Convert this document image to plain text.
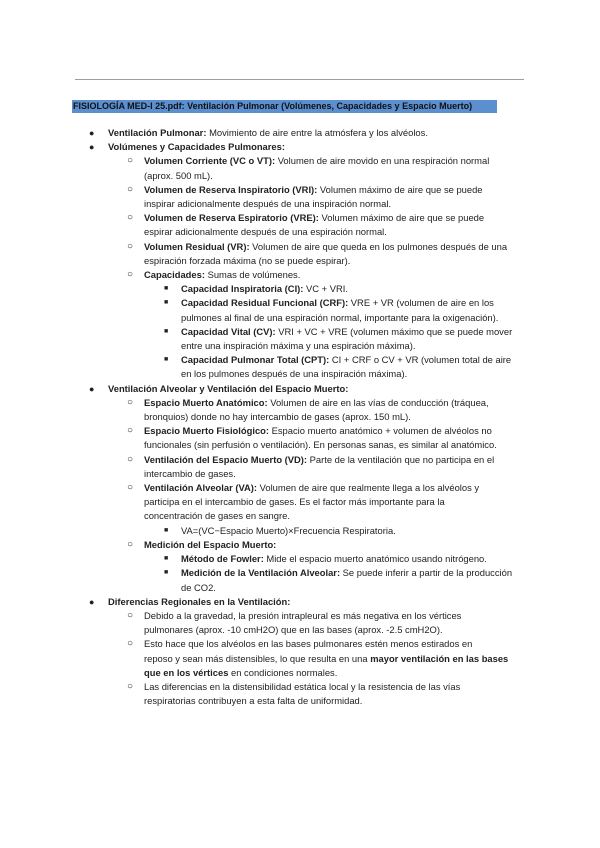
FISIOLOGÍA MED-I 25.pdf: Ventilación Pulmonar (Volúmenes, Capacidades y Espacio Muerto)
● Ventilación Pulmonar: Movimiento de aire entre la atmósfera y los alvéolos.
● Volúmenes y Capacidades Pulmonares:
○ Volumen Corriente (VC o VT): Volumen de aire movido en una respiración normal
(aprox. 500 mL).
○ Volumen de Reserva Inspiratorio (VRI): Volumen máximo de aire que se puede
inspirar adicionalmente después de una inspiración normal.
○ Volumen de Reserva Espiratorio (VRE): Volumen máximo de aire que se puede
espirar adicionalmente después de una espiración normal.
○ Volumen Residual (VR): Volumen de aire que queda en los pulmones después de una
espiración forzada máxima (no se puede espirar).
○ Capacidades: Sumas de volúmenes.
■ Capacidad Inspiratoria (CI): VC + VRI.
■ Capacidad Residual Funcional (CRF): VRE + VR (volumen de aire en los
pulmones al final de una espiración normal, importante para la oxigenación).
■ Capacidad Vital (CV): VRI + VC + VRE (volumen máximo que se puede mover
entre una inspiración máxima y una espiración máxima).
■ Capacidad Pulmonar Total (CPT): CI + CRF o CV + VR (volumen total de aire
en los pulmones después de una inspiración máxima).
● Ventilación Alveolar y Ventilación del Espacio Muerto:
○ Espacio Muerto Anatómico: Volumen de aire en las vías de conducción (tráquea,
bronquios) donde no hay intercambio de gases (aprox. 150 mL).
○ Espacio Muerto Fisiológico: Espacio muerto anatómico + volumen de alvéolos no
funcionales (sin perfusión o ventilación). En personas sanas, es similar al anatómico.
○ Ventilación del Espacio Muerto (VD): Parte de la ventilación que no participa en el
intercambio de gases.
○ Ventilación Alveolar (VA): Volumen de aire que realmente llega a los alvéolos y
participa en el intercambio de gases. Es el factor más importante para la
concentración de gases en sangre.
■ VA=(VC−Espacio Muerto)×Frecuencia Respiratoria.
○ Medición del Espacio Muerto:
■ Método de Fowler: Mide el espacio muerto anatómico usando nitrógeno.
■ Medición de la Ventilación Alveolar: Se puede inferir a partir de la producción
de CO2.
● Diferencias Regionales en la Ventilación:
○ Debido a la gravedad, la presión intrapleural es más negativa en los vértices
pulmonares (aprox. -10 cmH2O) que en las bases (aprox. -2.5 cmH2O).
○ Esto hace que los alvéolos en las bases pulmonares estén menos estirados en
reposo y sean más distensibles, lo que resulta en una mayor ventilación en las bases
que en los vértices en condiciones normales.
○ Las diferencias en la distensibilidad estática local y la resistencia de las vías
respiratorias contribuyen a esta falta de uniformidad.
